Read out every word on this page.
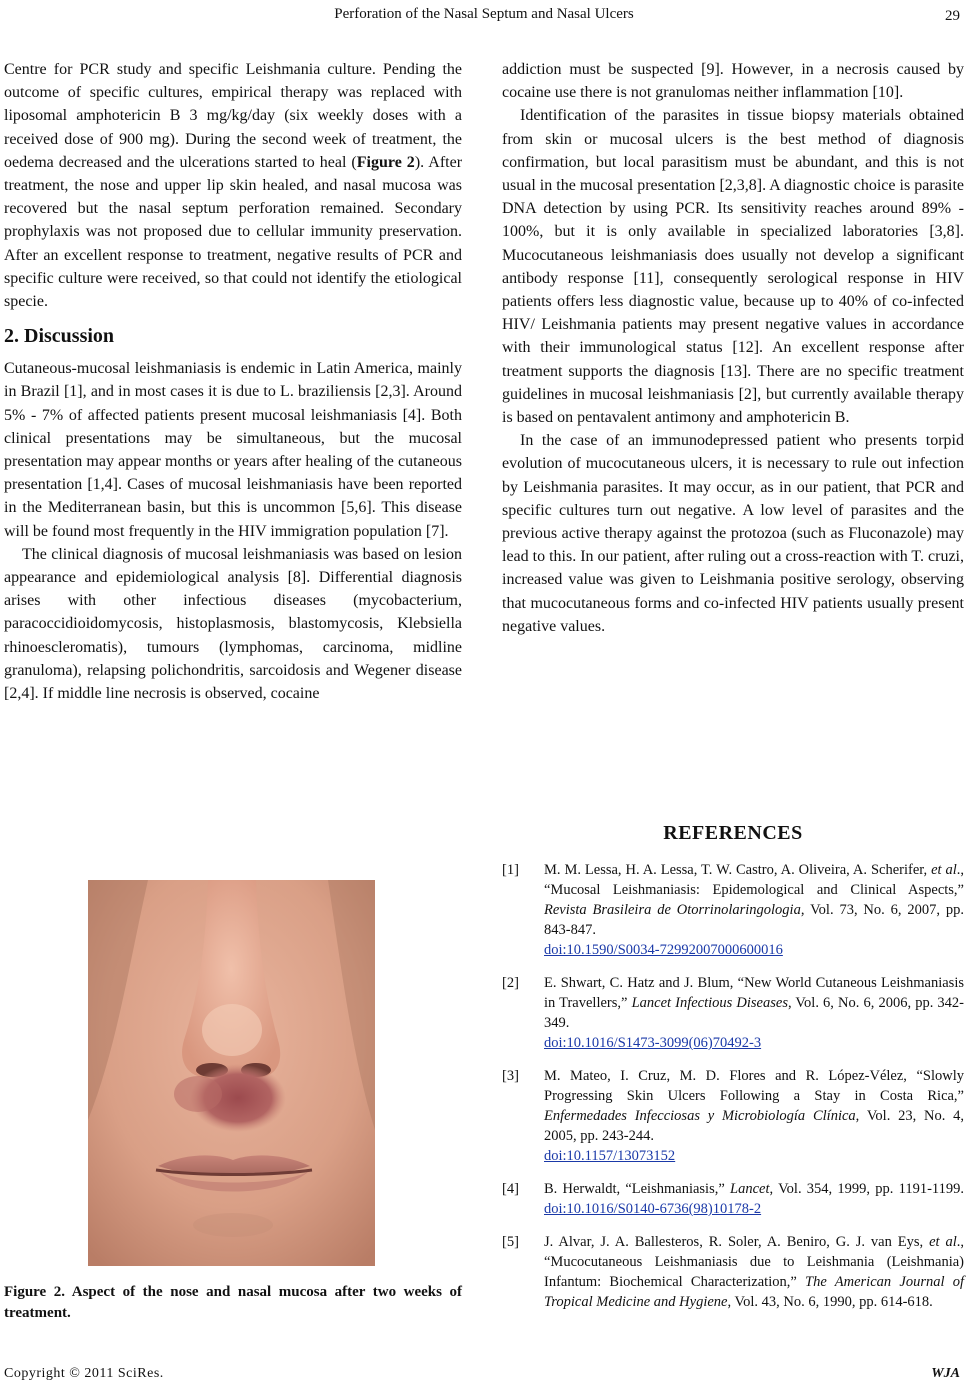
Perforation of the Nasal Septum and Nasal Ulcers	29

Centre for PCR study and specific Leishmania culture. Pending the outcome of specific cultures, empirical therapy was replaced with liposomal amphotericin B 3 mg/kg/day (six weekly doses with a received dose of 900 mg). During the second week of treatment, the oedema decreased and the ulcerations started to heal (Figure 2). After treatment, the nose and upper lip skin healed, and nasal mucosa was recovered but the nasal septum perforation remained. Secondary prophylaxis was not proposed due to cellular immunity preservation. After an excellent response to treatment, negative results of PCR and specific culture were received, so that could not identify the etiological specie.

2. Discussion

Cutaneous-mucosal leishmaniasis is endemic in Latin America, mainly in Brazil [1], and in most cases it is due to L. braziliensis [2,3]. Around 5% - 7% of affected patients present mucosal leishmaniasis [4]. Both clinical presentations may be simultaneous, but the mucosal presentation may appear months or years after healing of the cutaneous presentation [1,4]. Cases of mucosal leishmaniasis have been reported in the Mediterranean basin, but this is uncommon [5,6]. This disease will be found most frequently in the HIV immigration population [7].

The clinical diagnosis of mucosal leishmaniasis was based on lesion appearance and epidemiological analysis [8]. Differential diagnosis arises with other infectious diseases (mycobacterium, paracoccidioidomycosis, histoplasmosis, blastomycosis, Klebsiella rhinoescleromatis), tumours (lymphomas, carcinoma, midline granuloma), relapsing polichondritis, sarcoidosis and Wegener disease [2,4]. If middle line necrosis is observed, cocaine

Figure 2. Aspect of the nose and nasal mucosa after two weeks of treatment.

addiction must be suspected [9]. However, in a necrosis caused by cocaine use there is not granulomas neither inflammation [10].

Identification of the parasites in tissue biopsy materials obtained from skin or mucosal ulcers is the best method of diagnosis confirmation, but local parasitism must be abundant, and this is not usual in the mucosal presentation [2,3,8]. A diagnostic choice is parasite DNA detection by using PCR. Its sensitivity reaches around 89% - 100%, but it is only available in specialized laboratories [3,8]. Mucocutaneous leishmaniasis does usually not develop a significant antibody response [11], consequently serological response in HIV patients offers less diagnostic value, because up to 40% of co-infected HIV/ Leishmania patients may present negative values in accordance with their immunological status [12]. An excellent response after treatment supports the diagnosis [13]. There are no specific treatment guidelines in mucosal leishmaniasis [2], but currently available therapy is based on pentavalent antimony and amphotericin B.

In the case of an immunodepressed patient who presents torpid evolution of mucocutaneous ulcers, it is necessary to rule out infection by Leishmania parasites. It may occur, as in our patient, that PCR and specific cultures turn out negative. A low level of parasites and the previous active therapy against the protozoa (such as Fluconazole) may lead to this. In our patient, after ruling out a cross-reaction with T. cruzi, increased value was given to Leishmania positive serology, observing that mucocutaneous forms and co-infected HIV patients usually present negative values.

REFERENCES
[1] M. M. Lessa, H. A. Lessa, T. W. Castro, A. Oliveira, A. Scherifer, et al., “Mucosal Leishmaniasis: Epidemological and Clinical Aspects,” Revista Brasileira de Otorrinolaringologia, Vol. 73, No. 6, 2007, pp. 843-847.
doi:10.1590/S0034-72992007000600016
[2] E. Shwart, C. Hatz and J. Blum, “New World Cutaneous Leishmaniasis in Travellers,” Lancet Infectious Diseases, Vol. 6, No. 6, 2006, pp. 342-349.
doi:10.1016/S1473-3099(06)70492-3
[3] M. Mateo, I. Cruz, M. D. Flores and R. López-Vélez, “Slowly Progressing Skin Ulcers Following a Stay in Costa Rica,” Enfermedades Infecciosas y Microbiología Clínica, Vol. 23, No. 4, 2005, pp. 243-244.
doi:10.1157/13073152
[4] B. Herwaldt, “Leishmaniasis,” Lancet, Vol. 354, 1999, pp. 1191-1199. doi:10.1016/S0140-6736(98)10178-2
[5] J. Alvar, J. A. Ballesteros, R. Soler, A. Beniro, G. J. van Eys, et al., “Mucocutaneous Leishmaniasis due to Leishmania (Leishmania) Infantum: Biochemical Characterization,” The American Journal of Tropical Medicine and Hygiene, Vol. 43, No. 6, 1990, pp. 614-618.
Copyright © 2011 SciRes.	WJA
